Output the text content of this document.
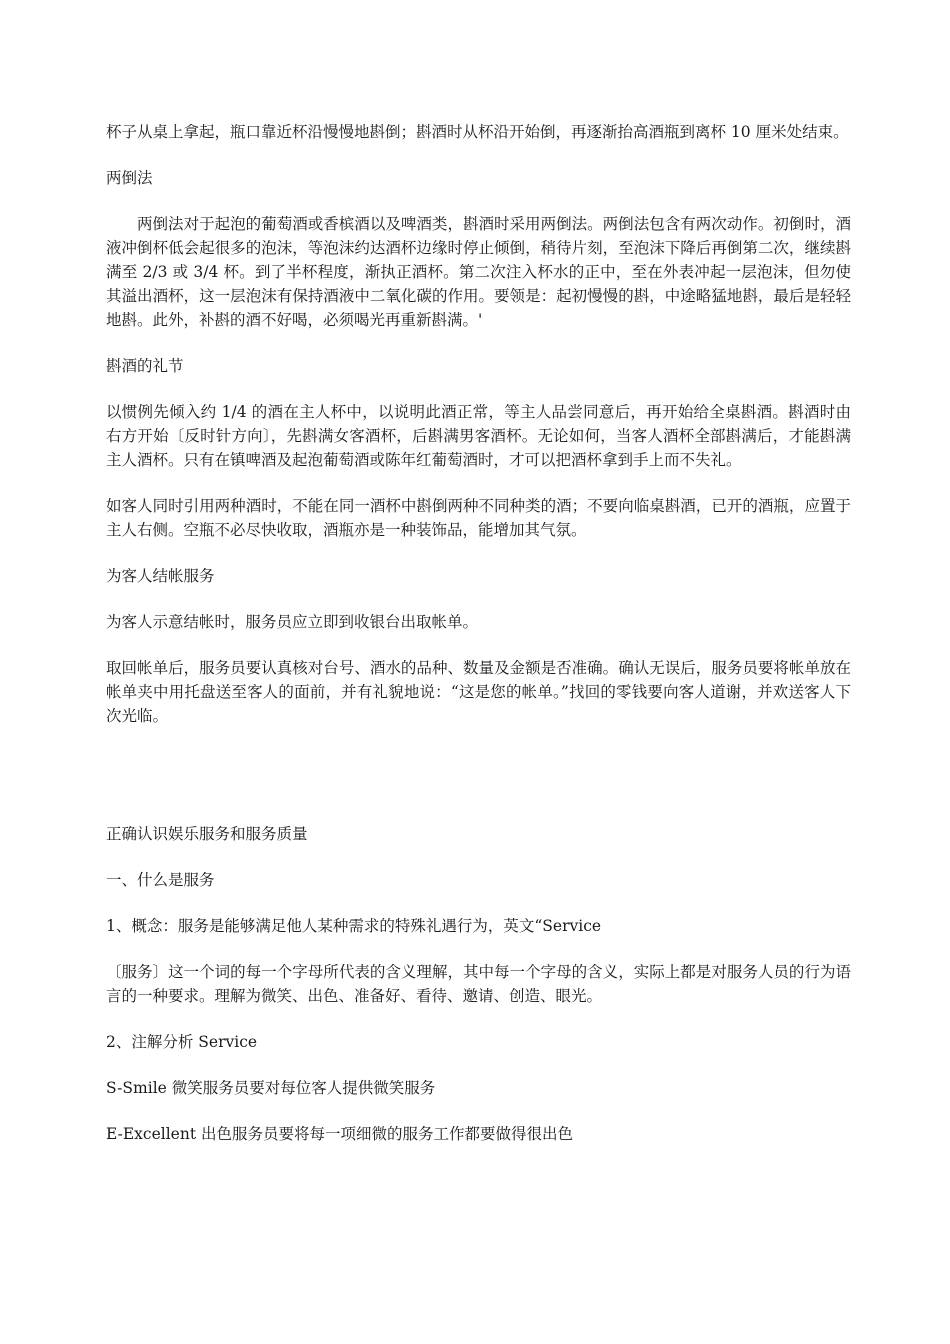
杯子从桌上拿起，瓶口靠近杯沿慢慢地斟倒；斟酒时从杯沿开始倒，再逐渐抬高酒瓶到离杯 10 厘米处结束。

两倒法

两倒法对于起泡的葡萄酒或香槟酒以及啤酒类，斟酒时采用两倒法。两倒法包含有两次动作。初倒时，酒液冲倒杯低会起很多的泡沫，等泡沫约达酒杯边缘时停止倾倒，稍待片刻，至泡沫下降后再倒第二次，继续斟满至 2/3 或 3/4 杯。到了半杯程度，渐执正酒杯。第二次注入杯水的正中，至在外表冲起一层泡沫，但勿使其溢出酒杯，这一层泡沫有保持酒液中二氧化碳的作用。要领是：起初慢慢的斟，中途略猛地斟，最后是轻轻地斟。此外，补斟的酒不好喝，必须喝光再重新斟满。'

斟酒的礼节

以惯例先倾入约 1/4 的酒在主人杯中，以说明此酒正常，等主人品尝同意后，再开始给全桌斟酒。斟酒时由右方开始〔反时针方向〕，先斟满女客酒杯，后斟满男客酒杯。无论如何，当客人酒杯全部斟满后，才能斟满主人酒杯。只有在镇啤酒及起泡葡萄酒或陈年红葡萄酒时，才可以把酒杯拿到手上而不失礼。

如客人同时引用两种酒时，不能在同一酒杯中斟倒两种不同种类的酒；不要向临桌斟酒，已开的酒瓶，应置于主人右侧。空瓶不必尽快收取，酒瓶亦是一种装饰品，能增加其气氛。

为客人结帐服务

为客人示意结帐时，服务员应立即到收银台出取帐单。

取回帐单后，服务员要认真核对台号、酒水的品种、数量及金额是否准确。确认无误后，服务员要将帐单放在帐单夹中用托盘送至客人的面前，并有礼貌地说：“这是您的帐单。”找回的零钱要向客人道谢，并欢送客人下次光临。

正确认识娱乐服务和服务质量

一、什么是服务

1、概念：服务是能够满足他人某种需求的特殊礼遇行为，英文“Service

〔服务〕这一个词的每一个字母所代表的含义理解，其中每一个字母的含义，实际上都是对服务人员的行为语言的一种要求。理解为微笑、出色、准备好、看待、邀请、创造、眼光。

2、注解分析 Service

S-Smile 微笑服务员要对每位客人提供微笑服务

E-Excellent 出色服务员要将每一项细微的服务工作都要做得很出色
